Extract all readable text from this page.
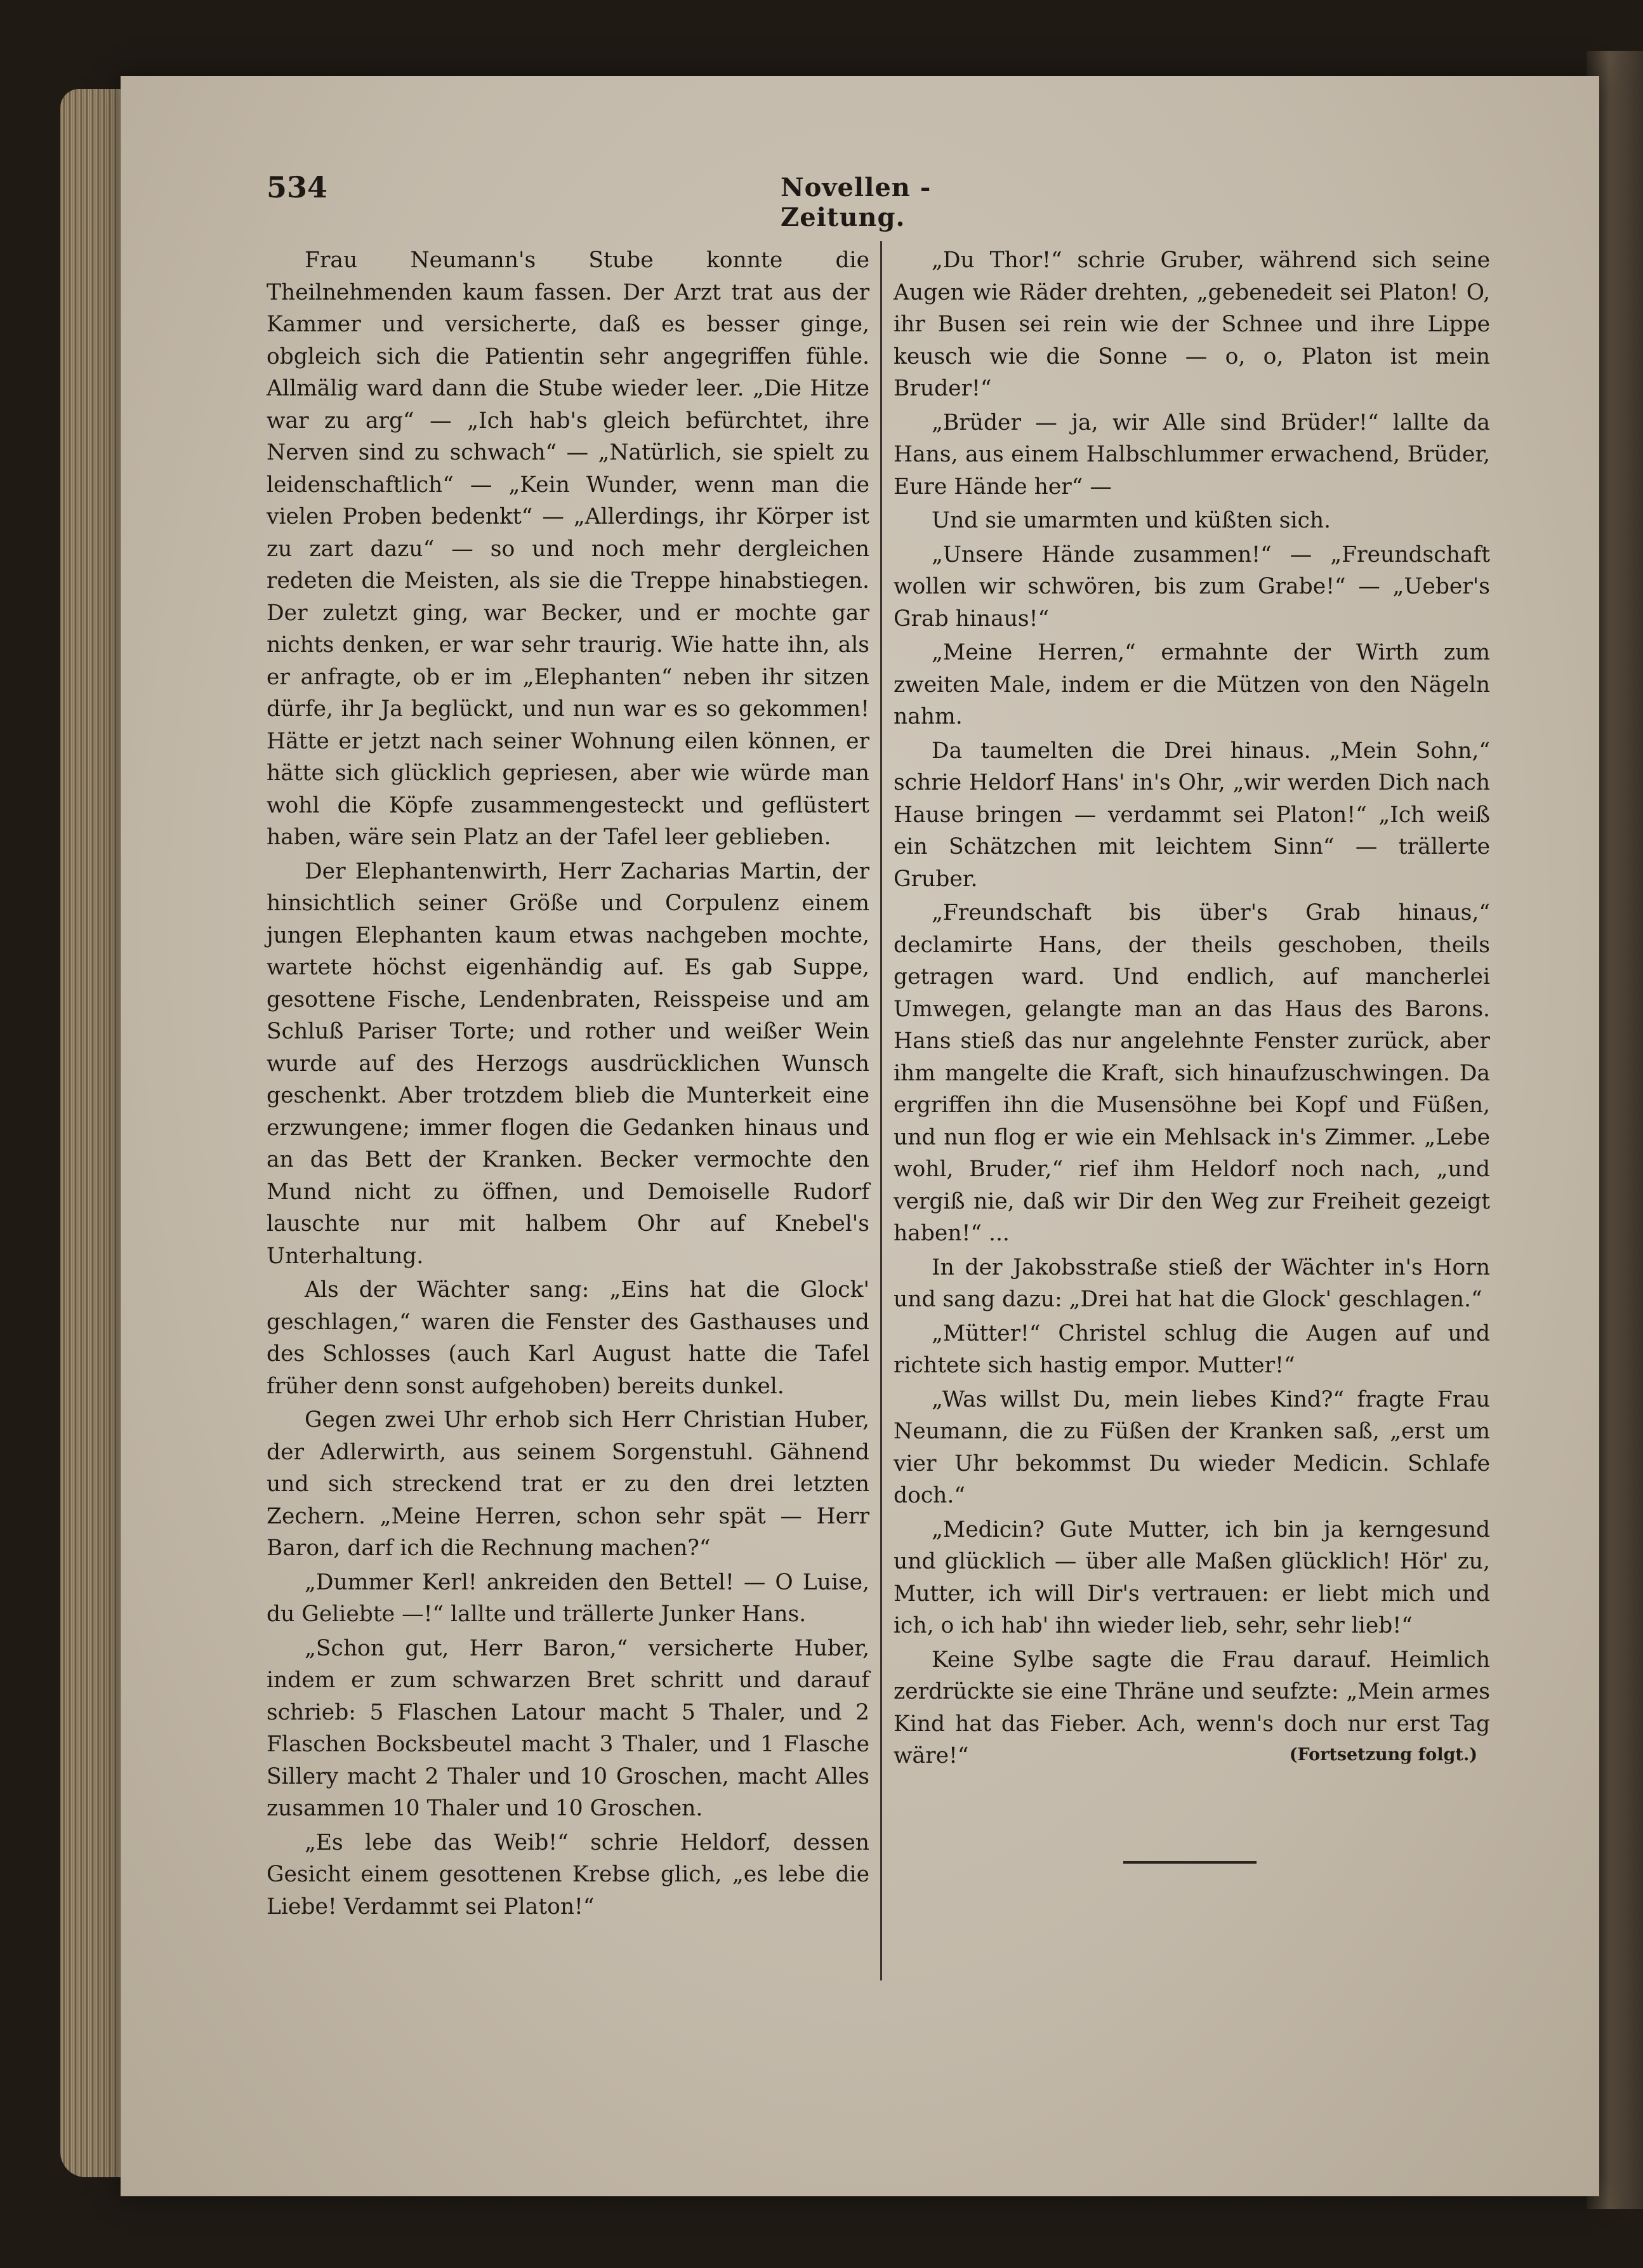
534	Novellen - Zeitung.

Frau Neumann's Stube konnte die Theilnehmenden kaum fassen. Der Arzt trat aus der Kammer und versicherte, daß es besser ginge, obgleich sich die Patientin sehr angegriffen fühle. Allmälig ward dann die Stube wieder leer. „Die Hitze war zu arg“ — „Ich hab's gleich befürchtet, ihre Nerven sind zu schwach“ — „Natürlich, sie spielt zu leidenschaftlich“ — „Kein Wunder, wenn man die vielen Proben bedenkt“ — „Allerdings, ihr Körper ist zu zart dazu“ — so und noch mehr dergleichen redeten die Meisten, als sie die Treppe hinabstiegen. Der zuletzt ging, war Becker, und er mochte gar nichts denken, er war sehr traurig. Wie hatte ihn, als er anfragte, ob er im „Elephanten“ neben ihr sitzen dürfe, ihr Ja beglückt, und nun war es so gekommen! Hätte er jetzt nach seiner Wohnung eilen können, er hätte sich glücklich gepriesen, aber wie würde man wohl die Köpfe zusammengesteckt und geflüstert haben, wäre sein Platz an der Tafel leer geblieben.

Der Elephantenwirth, Herr Zacharias Martin, der hinsichtlich seiner Größe und Corpulenz einem jungen Elephanten kaum etwas nachgeben mochte, wartete höchst eigenhändig auf. Es gab Suppe, gesottene Fische, Lendenbraten, Reisspeise und am Schluß Pariser Torte; und rother und weißer Wein wurde auf des Herzogs ausdrücklichen Wunsch geschenkt. Aber trotzdem blieb die Munterkeit eine erzwungene; immer flogen die Gedanken hinaus und an das Bett der Kranken. Becker vermochte den Mund nicht zu öffnen, und Demoiselle Rudorf lauschte nur mit halbem Ohr auf Knebel's Unterhaltung.

Als der Wächter sang: „Eins hat die Glock' geschlagen,“ waren die Fenster des Gasthauses und des Schlosses (auch Karl August hatte die Tafel früher denn sonst aufgehoben) bereits dunkel.

Gegen zwei Uhr erhob sich Herr Christian Huber, der Adlerwirth, aus seinem Sorgenstuhl. Gähnend und sich streckend trat er zu den drei letzten Zechern. „Meine Herren, schon sehr spät — Herr Baron, darf ich die Rechnung machen?“

„Dummer Kerl! ankreiden den Bettel! — O Luise, du Geliebte —!“ lallte und trällerte Junker Hans.

„Schon gut, Herr Baron,“ versicherte Huber, indem er zum schwarzen Bret schritt und darauf schrieb: 5 Flaschen Latour macht 5 Thaler, und 2 Flaschen Bocksbeutel macht 3 Thaler, und 1 Flasche Sillery macht 2 Thaler und 10 Groschen, macht Alles zusammen 10 Thaler und 10 Groschen.

„Es lebe das Weib!“ schrie Heldorf, dessen Gesicht einem gesottenen Krebse glich, „es lebe die Liebe! Verdammt sei Platon!“

„Du Thor!“ schrie Gruber, während sich seine Augen wie Räder drehten, „gebenedeit sei Platon! O, ihr Busen sei rein wie der Schnee und ihre Lippe keusch wie die Sonne — o, o, Platon ist mein Bruder!“

„Brüder — ja, wir Alle sind Brüder!“ lallte da Hans, aus einem Halbschlummer erwachend, Brüder, Eure Hände her“ —

Und sie umarmten und küßten sich.

„Unsere Hände zusammen!“ — „Freundschaft wollen wir schwören, bis zum Grabe!“ — „Ueber's Grab hinaus!“

„Meine Herren,“ ermahnte der Wirth zum zweiten Male, indem er die Mützen von den Nägeln nahm.

Da taumelten die Drei hinaus. „Mein Sohn,“ schrie Heldorf Hans' in's Ohr, „wir werden Dich nach Hause bringen — verdammt sei Platon!“ „Ich weiß ein Schätzchen mit leichtem Sinn“ — trällerte Gruber.

„Freundschaft bis über's Grab hinaus,“ declamirte Hans, der theils geschoben, theils getragen ward. Und endlich, auf mancherlei Umwegen, gelangte man an das Haus des Barons. Hans stieß das nur angelehnte Fenster zurück, aber ihm mangelte die Kraft, sich hinaufzuschwingen. Da ergriffen ihn die Musensöhne bei Kopf und Füßen, und nun flog er wie ein Mehlsack in's Zimmer. „Lebe wohl, Bruder,“ rief ihm Heldorf noch nach, „und vergiß nie, daß wir Dir den Weg zur Freiheit gezeigt haben!“ ...

In der Jakobsstraße stieß der Wächter in's Horn und sang dazu: „Drei hat hat die Glock' geschlagen.“

„Mütter!“ Christel schlug die Augen auf und richtete sich hastig empor. Mutter!“

„Was willst Du, mein liebes Kind?“ fragte Frau Neumann, die zu Füßen der Kranken saß, „erst um vier Uhr bekommst Du wieder Medicin. Schlafe doch.“

„Medicin? Gute Mutter, ich bin ja kerngesund und glücklich — über alle Maßen glücklich! Hör' zu, Mutter, ich will Dir's vertrauen: er liebt mich und ich, o ich hab' ihn wieder lieb, sehr, sehr lieb!“

Keine Sylbe sagte die Frau darauf. Heimlich zerdrückte sie eine Thräne und seufzte: „Mein armes Kind hat das Fieber. Ach, wenn's doch nur erst Tag wäre!“	(Fortsetzung folgt.)
